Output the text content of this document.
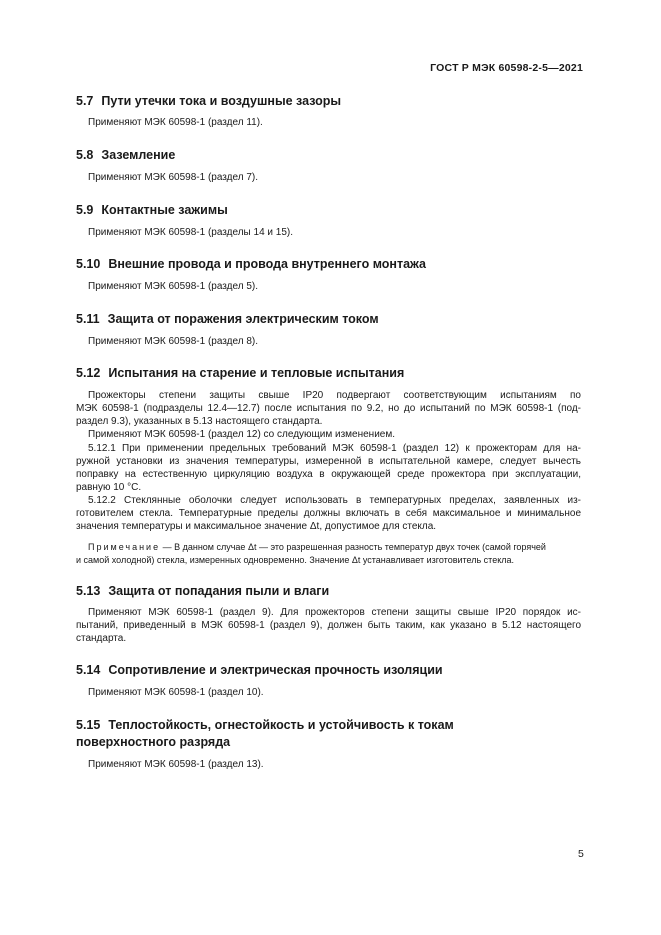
ГОСТ Р МЭК 60598-2-5—2021
5.7 Пути утечки тока и воздушные зазоры

Применяют МЭК 60598-1 (раздел 11).

5.8 Заземление

Применяют МЭК 60598-1 (раздел 7).

5.9 Контактные зажимы

Применяют МЭК 60598-1 (разделы 14 и 15).

5.10 Внешние провода и провода внутреннего монтажа

Применяют МЭК 60598-1 (раздел 5).

5.11 Защита от поражения электрическим током

Применяют МЭК 60598-1 (раздел 8).

5.12 Испытания на старение и тепловые испытания

Прожекторы степени защиты свыше IP20 подвергают соответствующим испытаниям по

МЭК 60598-1 (подразделы 12.4—12.7) после испытания по 9.2, но до испытаний по МЭК 60598-1 (под-

раздел 9.3), указанных в 5.13 настоящего стандарта.

Применяют МЭК 60598-1 (раздел 12) со следующим изменением.

5.12.1 При применении предельных требований МЭК 60598-1 (раздел 12) к прожекторам для на-

ружной установки из значения температуры, измеренной в испытательной камере, следует вычесть

поправку на естественную циркуляцию воздуха в окружающей среде прожектора при эксплуатации,

равную 10 °С.

5.12.2 Стеклянные оболочки следует использовать в температурных пределах, заявленных из-

готовителем стекла. Температурные пределы должны включать в себя максимальное и минимальное

значения температуры и максимальное значение Δt, допустимое для стекла.

Примечание — В данном случае Δt — это разрешенная разность температур двух точек (самой горячей
и самой холодной) стекла, измеренных одновременно. Значение Δt устанавливает изготовитель стекла.
5.13 Защита от попадания пыли и влаги

Применяют МЭК 60598-1 (раздел 9). Для прожекторов степени защиты свыше IP20 порядок ис-

пытаний, приведенный в МЭК 60598-1 (раздел 9), должен быть таким, как указано в 5.12 настоящего

стандарта.

5.14 Сопротивление и электрическая прочность изоляции

Применяют МЭК 60598-1 (раздел 10).

5.15 Теплостойкость, огнестойкость и устойчивость к токам
поверхностного разряда

Применяют МЭК 60598-1 (раздел 13).

5
